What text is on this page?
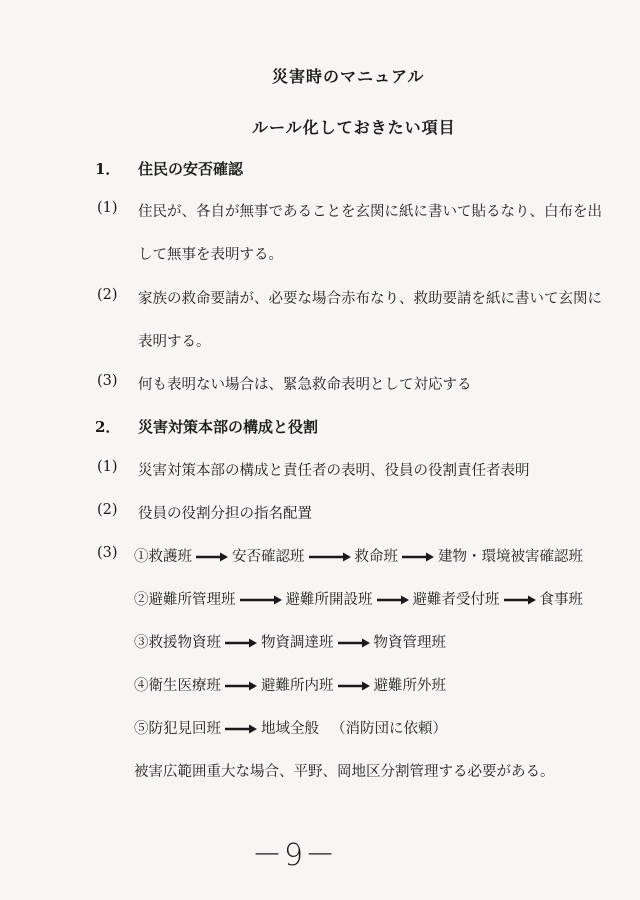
災害時のマニュアル
ルール化しておきたい項目
1． 住民の安否確認
(1) 住民が、各自が無事であることを玄関に紙に書いて貼るなり、白布を出
して無事を表明する。
(2) 家族の救命要請が、必要な場合赤布なり、救助要請を紙に書いて玄関に
表明する。
(3) 何も表明ない場合は、緊急救命表明として対応する
2． 災害対策本部の構成と役割
(1) 災害対策本部の構成と責任者の表明、役員の役割責任者表明
(2) 役員の役割分担の指名配置
(3) ①救護班	安否確認班	救命班	建物・環境被害確認班
②避難所管理班	避難所開設班	避難者受付班	食事班
③救援物資班	物資調達班	物資管理班
④衛生医療班	避難所内班	避難所外班
⑤防犯見回班	地域全般 （消防団に依頼）
被害広範囲重大な場合、平野、岡地区分割管理する必要がある。
－9－
